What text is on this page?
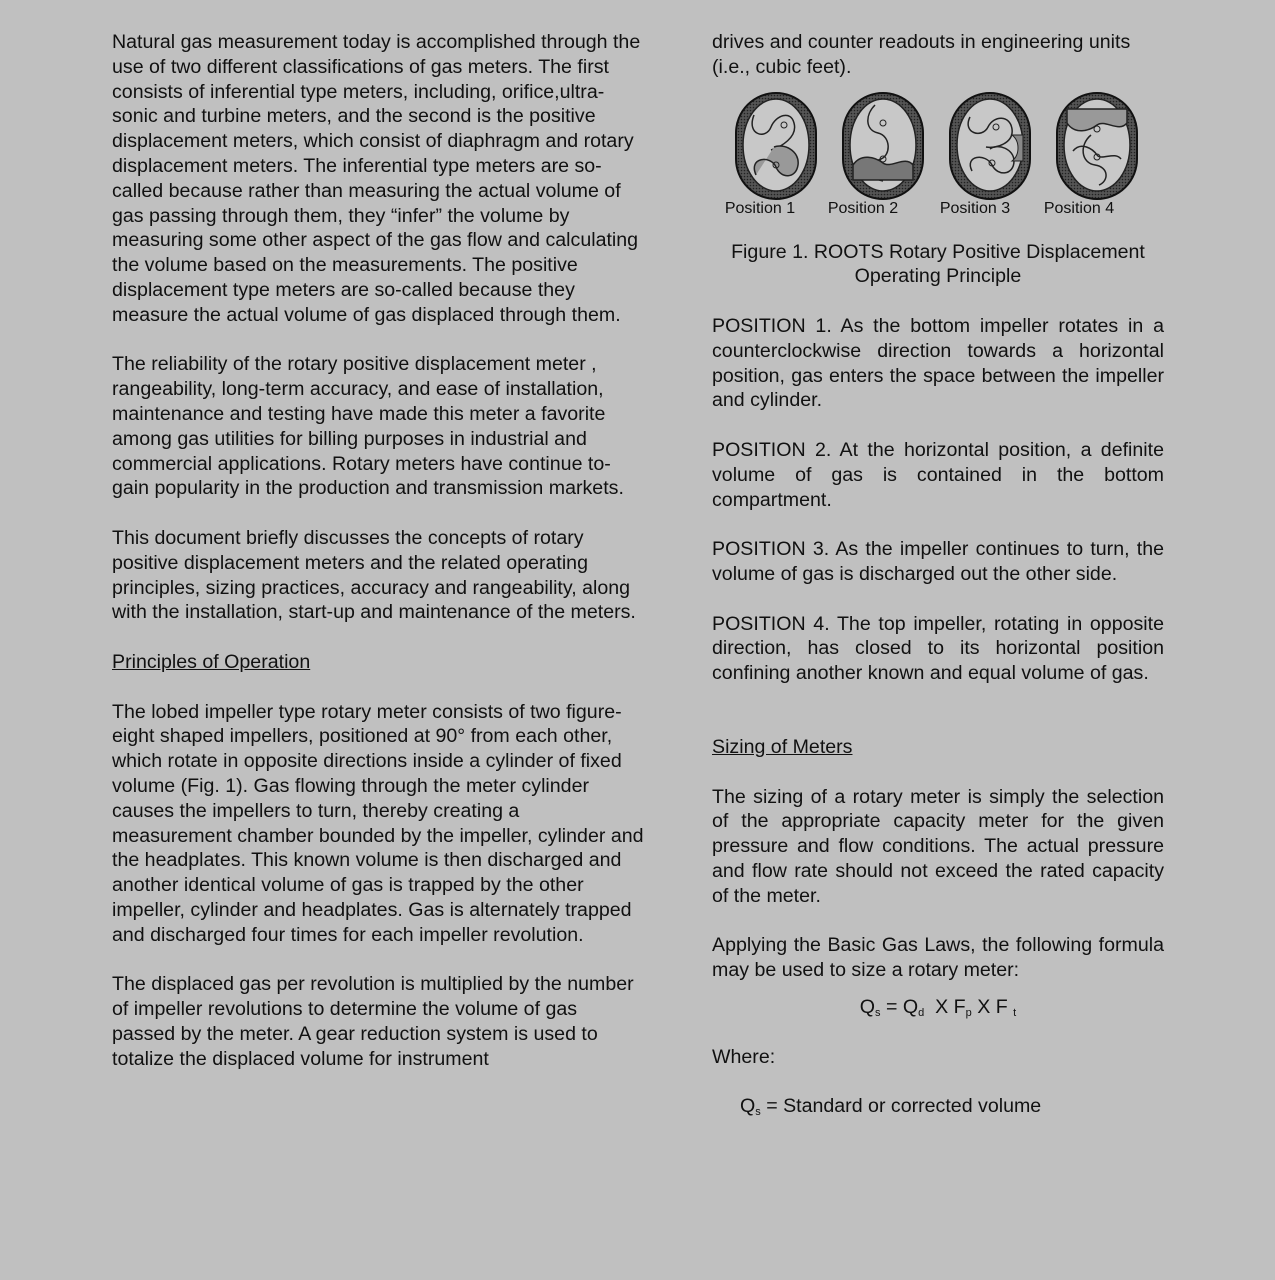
Natural gas measurement today is accomplished through the use of two different classifications of gas meters. The first consists of inferential type meters, including, orifice,ultra-sonic and turbine meters, and the second is the positive displacement meters, which consist of diaphragm and rotary displacement meters. The inferential type meters are so-called because rather than measuring the actual volume of gas passing through them, they “infer” the volume by measuring some other aspect of the gas flow and calculating the volume based on the measurements. The positive displacement type meters are so-called because they measure the actual volume of gas displaced through them.

The reliability of the rotary positive displacement meter , rangeability, long-term accuracy, and ease of installation, maintenance and testing have made this meter a favorite among gas utilities for billing purposes in industrial and commercial applications. Rotary meters have continue to-gain popularity in the production and transmission markets.

This document briefly discusses the concepts of rotary positive displacement meters and the related operating principles, sizing practices, accuracy and rangeability, along with the installation, start-up and maintenance of the meters.

Principles of Operation

The lobed impeller type rotary meter consists of two figure-eight shaped impellers, positioned at 90° from each other, which rotate in opposite directions inside a cylinder of fixed volume (Fig. 1). Gas flowing through the meter cylinder causes the impellers to turn, thereby creating a measurement chamber bounded by the impeller, cylinder and the headplates. This known volume is then discharged and another identical volume of gas is trapped by the other impeller, cylinder and headplates. Gas is alternately trapped and discharged four times for each impeller revolution.

The displaced gas per revolution is multiplied by the number of impeller revolutions to determine the volume of gas passed by the meter. A gear reduction system is used to totalize the displaced volume for instrument

drives and counter readouts in engineering units (i.e., cubic feet).

Position 1	Position 2	Position 3	Position 4

Figure 1. ROOTS Rotary Positive Displacement Operating Principle

POSITION 1. As the bottom impeller rotates in a counterclockwise direction towards a horizontal position, gas enters the space between the impeller and cylinder.

POSITION 2. At the horizontal position, a definite volume of gas is contained in the bottom compartment.

POSITION 3. As the impeller continues to turn, the volume of gas is discharged out the other side.

POSITION 4. The top impeller, rotating in opposite direction, has closed to its horizontal position confining another known and equal volume of gas.

Sizing of Meters

The sizing of a rotary meter is simply the selection of the appropriate capacity meter for the given pressure and flow conditions. The actual pressure and flow rate should not exceed the rated capacity of the meter.

Applying the Basic Gas Laws, the following formula may be used to size a rotary meter:

$Q_s = Q_d$  X $F_p$ X F $_t$

Where:

$Q_s$ = Standard or corrected volume
